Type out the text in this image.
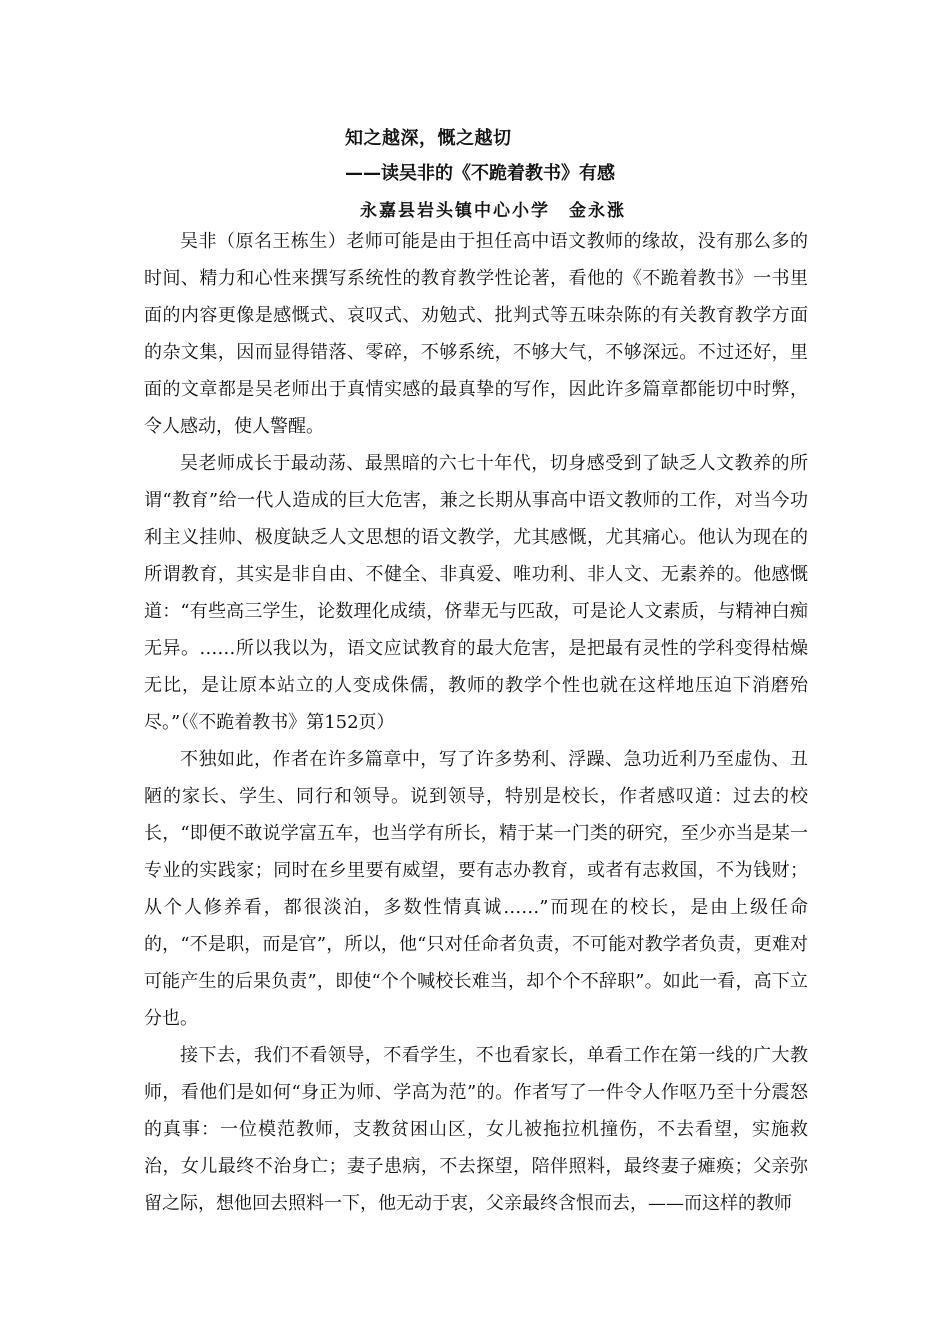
知之越深，慨之越切
——读吴非的《不跪着教书》有感

永嘉县岩头镇中心小学　金永涨

吴非（原名王栋生）老师可能是由于担任高中语文教师的缘故，没有那么多的时间、精力和心性来撰写系统性的教育教学性论著，看他的《不跪着教书》一书里面的内容更像是感慨式、哀叹式、劝勉式、批判式等五味杂陈的有关教育教学方面的杂文集，因而显得错落、零碎，不够系统，不够大气，不够深远。不过还好，里面的文章都是吴老师出于真情实感的最真挚的写作，因此许多篇章都能切中时弊，令人感动，使人警醒。

吴老师成长于最动荡、最黑暗的六七十年代，切身感受到了缺乏人文教养的所谓“教育”给一代人造成的巨大危害，兼之长期从事高中语文教师的工作，对当今功利主义挂帅、极度缺乏人文思想的语文教学，尤其感慨，尤其痛心。他认为现在的所谓教育，其实是非自由、不健全、非真爱、唯功利、非人文、无素养的。他感慨道：“有些高三学生，论数理化成绩，侪辈无与匹敌，可是论人文素质，与精神白痴无异。……所以我以为，语文应试教育的最大危害，是把最有灵性的学科变得枯燥无比，是让原本站立的人变成侏儒，教师的教学个性也就在这样地压迫下消磨殆尽。”（《不跪着教书》第152页）

不独如此，作者在许多篇章中，写了许多势利、浮躁、急功近利乃至虚伪、丑陋的家长、学生、同行和领导。说到领导，特别是校长，作者感叹道：过去的校长，“即便不敢说学富五车，也当学有所长，精于某一门类的研究，至少亦当是某一专业的实践家；同时在乡里要有威望，要有志办教育，或者有志救国，不为钱财；从个人修养看，都很淡泊，多数性情真诚……”而现在的校长，是由上级任命的，“不是职，而是官”，所以，他“只对任命者负责，不可能对教学者负责，更难对可能产生的后果负责”，即使“个个喊校长难当，却个个不辞职”。如此一看，高下立分也。

接下去，我们不看领导，不看学生，不也看家长，单看工作在第一线的广大教师，看他们是如何“身正为师、学高为范”的。作者写了一件令人作呕乃至十分震怒的真事：一位模范教师，支教贫困山区，女儿被拖拉机撞伤，不去看望，实施救治，女儿最终不治身亡；妻子患病，不去探望，陪伴照料，最终妻子瘫痪；父亲弥留之际，想他回去照料一下，他无动于衷，父亲最终含恨而去，——而这样的教师
